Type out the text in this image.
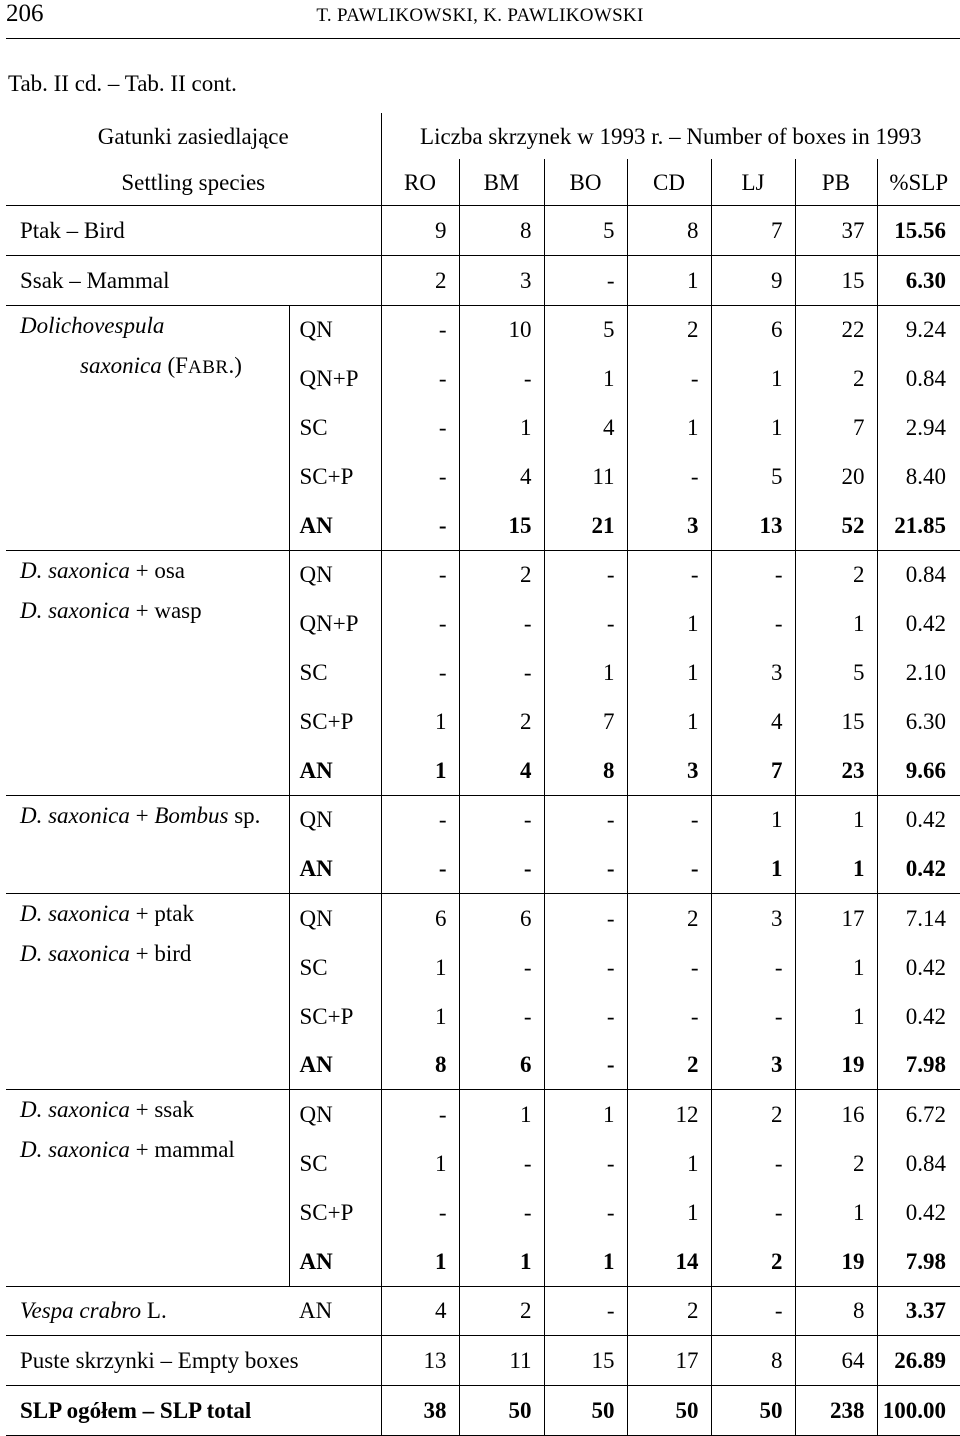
206	T. PAWLIKOWSKI, K. PAWLIKOWSKI
Tab. II cd. – Tab. II cont.
Gatunki zasiedlające		Liczba skrzynek w 1993 r. – Number of boxes in 1993						
Settling species		RO	BM	BO	CD	LJ	PB	%SLP
Ptak – Bird		9	8	5	8	7	37	15.56
Ssak – Mammal		2	3	-	1	9	15	6.30

Dolichovespula
saxonica (FABR.)	QN	-	10	5	2	6	22	9.24
	QN+P	-	-	1	-	1	2	0.84
	SC	-	1	4	1	1	7	2.94
	SC+P	-	4	11	-	5	20	8.40
	AN	-	15	21	3	13	52	21.85

D. saxonica + osa
D. saxonica + wasp	QN	-	2	-	-	-	2	0.84
	QN+P	-	-	-	1	-	1	0.42
	SC	-	-	1	1	3	5	2.10
	SC+P	1	2	7	1	4	15	6.30
	AN	1	4	8	3	7	23	9.66

D. saxonica + Bombus sp.	QN	-	-	-	-	1	1	0.42
	AN	-	-	-	-	1	1	0.42

D. saxonica + ptak
D. saxonica + bird	QN	6	6	-	2	3	17	7.14
	SC	1	-	-	-	-	1	0.42
	SC+P	1	-	-	-	-	1	0.42
	AN	8	6	-	2	3	19	7.98

D. saxonica + ssak
D. saxonica + mammal	QN	-	1	1	12	2	16	6.72
	SC	1	-	-	1	-	2	0.84
	SC+P	-	-	-	1	-	1	0.42
	AN	1	1	1	14	2	19	7.98
Vespa crabro L.	AN	4	2	-	2	-	8	3.37
Puste skrzynki – Empty boxes		13	11	15	17	8	64	26.89
SLP ogółem – SLP total		38	50	50	50	50	238	100.00
